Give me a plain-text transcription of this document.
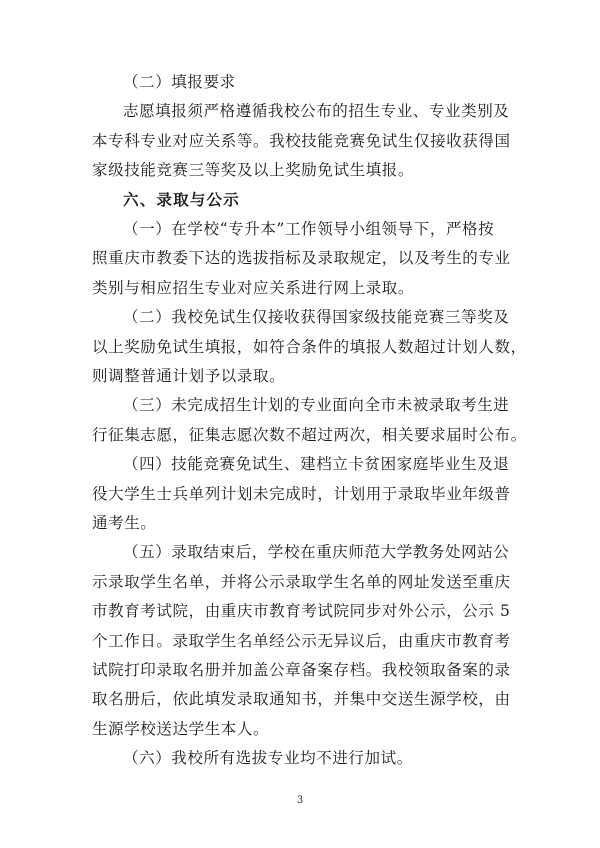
（二）填报要求
志愿填报须严格遵循我校公布的招生专业、专业类别及
本专科专业对应关系等。我校技能竞赛免试生仅接收获得国
家级技能竞赛三等奖及以上奖励免试生填报。
六、录取与公示
（一）在学校“专升本”工作领导小组领导下，严格按
照重庆市教委下达的选拔指标及录取规定，以及考生的专业
类别与相应招生专业对应关系进行网上录取。
（二）我校免试生仅接收获得国家级技能竞赛三等奖及
以上奖励免试生填报，如符合条件的填报人数超过计划人数，
则调整普通计划予以录取。
（三）未完成招生计划的专业面向全市未被录取考生进
行征集志愿，征集志愿次数不超过两次，相关要求届时公布。
（四）技能竞赛免试生、建档立卡贫困家庭毕业生及退
役大学生士兵单列计划未完成时，计划用于录取毕业年级普
通考生。
（五）录取结束后，学校在重庆师范大学教务处网站公
示录取学生名单，并将公示录取学生名单的网址发送至重庆
市教育考试院，由重庆市教育考试院同步对外公示，公示 5
个工作日。录取学生名单经公示无异议后，由重庆市教育考
试院打印录取名册并加盖公章备案存档。我校领取备案的录
3
取名册后，依此填发录取通知书，并集中交送生源学校，由
生源学校送达学生本人。
（六）我校所有选拔专业均不进行加试。
